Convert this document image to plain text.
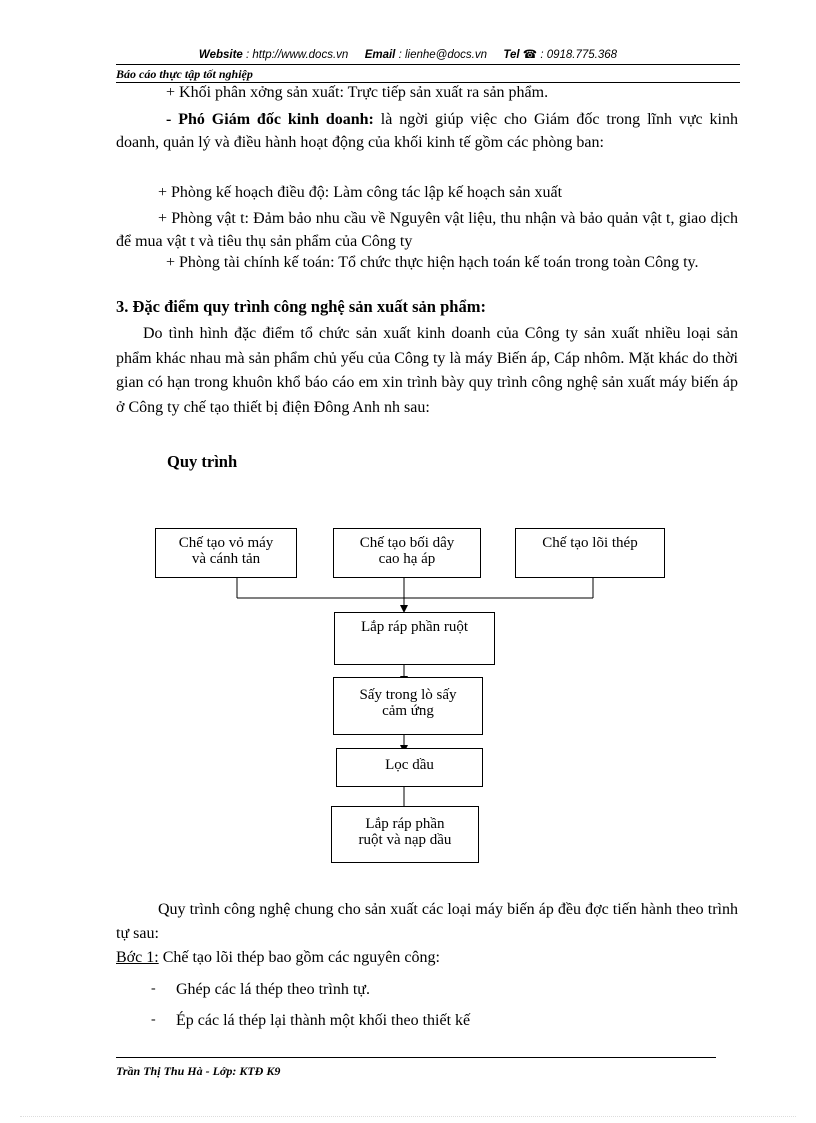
Website : http://www.docs.vn Email : lienhe@docs.vn Tel ☎ : 0918.775.368
Báo cáo thực tập tốt nghiệp
+ Khối phân xởng sản xuất: Trực tiếp sản xuất ra sản phẩm.
- Phó Giám đốc kinh doanh: là ngời giúp việc cho Giám đốc trong lĩnh vực kinh doanh, quản lý và điều hành hoạt động của khối kinh tế gồm các phòng ban:
+ Phòng kế hoạch điều độ: Làm công tác lập kế hoạch sản xuất
+ Phòng vật t: Đảm bảo nhu cầu về Nguyên vật liệu, thu nhận và bảo quản vật t, giao dịch để mua vật t và tiêu thụ sản phẩm của Công ty
+ Phòng tài chính kế toán: Tổ chức thực hiện hạch toán kế toán trong toàn Công ty.
3. Đặc điểm quy trình công nghệ sản xuất sản phẩm:
Do tình hình đặc điểm tổ chức sản xuất kinh doanh của Công ty sản xuất nhiều loại sản phẩm khác nhau mà sản phẩm chủ yếu của Công ty là máy Biến áp, Cáp nhôm. Mặt khác do thời gian có hạn trong khuôn khổ báo cáo em xin trình bày quy trình công nghệ sản xuất máy biến áp ở Công ty chế tạo thiết bị điện Đông Anh nh sau:
Quy trình
Chế tạo vỏ máy
và cánh tản
Chế tạo bối dây
cao hạ áp
Chế tạo lõi thép
Lắp ráp phần ruột
Sấy trong lò sấy
cảm ứng
Lọc dầu
Lắp ráp phần
ruột và nạp dầu
Quy trình công nghệ chung cho sản xuất các loại máy biến áp đều đợc tiến hành theo trình tự sau:
Bớc 1: Chế tạo lõi thép bao gồm các nguyên công:
- Ghép các lá thép theo trình tự.
- Ép các lá thép lại thành một khối theo thiết kế
Trần Thị Thu Hà - Lớp: KTĐ K9
